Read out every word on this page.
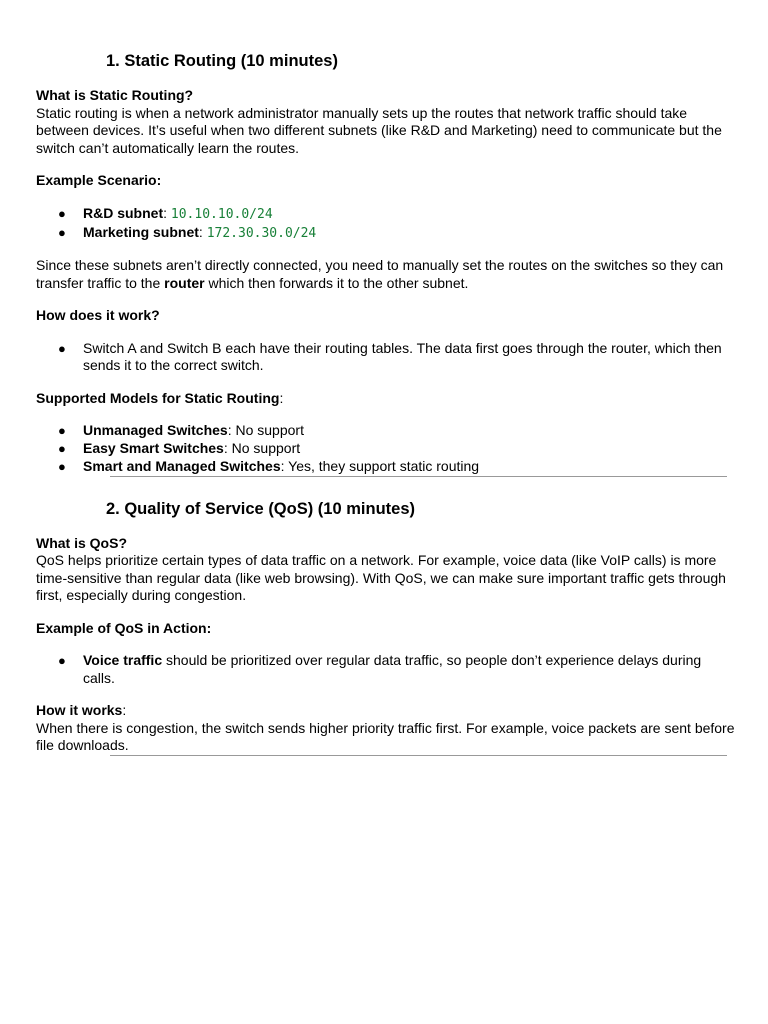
1. Static Routing (10 minutes)

What is Static Routing?

Static routing is when a network administrator manually sets up the routes that network traffic should take between devices. It’s useful when two different subnets (like R&D and Marketing) need to communicate but the switch can’t automatically learn the routes.

Example Scenario:

● R&D subnet: 10.10.10.0/24
● Marketing subnet: 172.30.30.0/24

Since these subnets aren’t directly connected, you need to manually set the routes on the switches so they can transfer traffic to the router which then forwards it to the other subnet.

How does it work?

● Switch A and Switch B each have their routing tables. The data first goes through the router, which then sends it to the correct switch.

Supported Models for Static Routing:

● Unmanaged Switches: No support
● Easy Smart Switches: No support
● Smart and Managed Switches: Yes, they support static routing
2. Quality of Service (QoS) (10 minutes)

What is QoS?

QoS helps prioritize certain types of data traffic on a network. For example, voice data (like VoIP calls) is more time-sensitive than regular data (like web browsing). With QoS, we can make sure important traffic gets through first, especially during congestion.

Example of QoS in Action:

● Voice traffic should be prioritized over regular data traffic, so people don’t experience delays during calls.

How it works:

When there is congestion, the switch sends higher priority traffic first. For example, voice packets are sent before file downloads.
